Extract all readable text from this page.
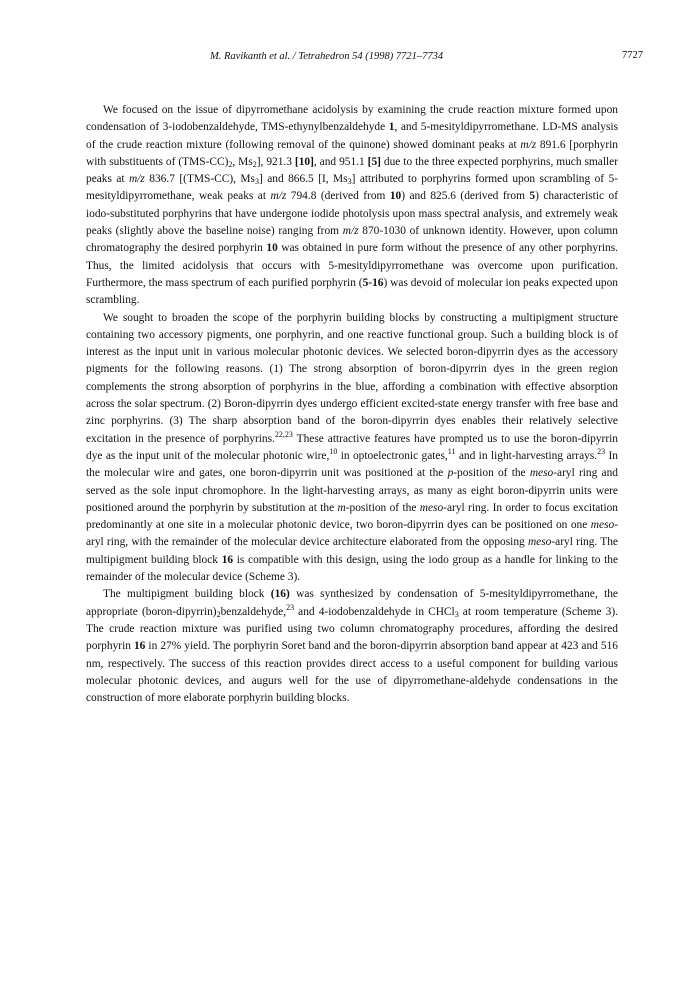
M. Ravikanth et al. / Tetrahedron 54 (1998) 7721–7734	7727

We focused on the issue of dipyrromethane acidolysis by examining the crude reaction mixture formed upon condensation of 3-iodobenzaldehyde, TMS-ethynylbenzaldehyde 1, and 5-mesityldipyrromethane. LD-MS analysis of the crude reaction mixture (following removal of the quinone) showed dominant peaks at m/z 891.6 [porphyrin with substituents of $(TMS-CC)_2$, $Ms_2$], 921.3 [10], and 951.1 [5] due to the three expected porphyrins, much smaller peaks at m/z 836.7 [(TMS-CC), $Ms_3$] and 866.5 [I, $Ms_3$] attributed to porphyrins formed upon scrambling of 5-mesityldipyrromethane, weak peaks at m/z 794.8 (derived from 10) and 825.6 (derived from 5) characteristic of iodo-substituted porphyrins that have undergone iodide photolysis upon mass spectral analysis, and extremely weak peaks (slightly above the baseline noise) ranging from m/z 870-1030 of unknown identity. However, upon column chromatography the desired porphyrin 10 was obtained in pure form without the presence of any other porphyrins. Thus, the limited acidolysis that occurs with 5-mesityldipyrromethane was overcome upon purification. Furthermore, the mass spectrum of each purified porphyrin (5-16) was devoid of molecular ion peaks expected upon scrambling.

We sought to broaden the scope of the porphyrin building blocks by constructing a multipigment structure containing two accessory pigments, one porphyrin, and one reactive functional group. Such a building block is of interest as the input unit in various molecular photonic devices. We selected boron-dipyrrin dyes as the accessory pigments for the following reasons. (1) The strong absorption of boron-dipyrrin dyes in the green region complements the strong absorption of porphyrins in the blue, affording a combination with effective absorption across the solar spectrum. (2) Boron-dipyrrin dyes undergo efficient excited-state energy transfer with free base and zinc porphyrins. (3) The sharp absorption band of the boron-dipyrrin dyes enables their relatively selective excitation in the presence of porphyrins.$^{22,23}$ These attractive features have prompted us to use the boron-dipyrrin dye as the input unit of the molecular photonic wire,$^{10}$ in optoelectronic gates,$^{11}$ and in light-harvesting arrays.$^{23}$ In the molecular wire and gates, one boron-dipyrrin unit was positioned at the p-position of the meso-aryl ring and served as the sole input chromophore. In the light-harvesting arrays, as many as eight boron-dipyrrin units were positioned around the porphyrin by substitution at the m-position of the meso-aryl ring. In order to focus excitation predominantly at one site in a molecular photonic device, two boron-dipyrrin dyes can be positioned on one meso-aryl ring, with the remainder of the molecular device architecture elaborated from the opposing meso-aryl ring. The multipigment building block 16 is compatible with this design, using the iodo group as a handle for linking to the remainder of the molecular device (Scheme 3).

The multipigment building block (16) was synthesized by condensation of 5-mesityldipyrromethane, the appropriate $(boron-dipyrrin)_2benzaldehyde,^{23}$ and 4-iodobenzaldehyde in CHCl$_3$ at room temperature (Scheme 3). The crude reaction mixture was purified using two column chromatography procedures, affording the desired porphyrin 16 in 27% yield. The porphyrin Soret band and the boron-dipyrrin absorption band appear at 423 and 516 nm, respectively. The success of this reaction provides direct access to a useful component for building various molecular photonic devices, and augurs well for the use of dipyrromethane-aldehyde condensations in the construction of more elaborate porphyrin building blocks.
